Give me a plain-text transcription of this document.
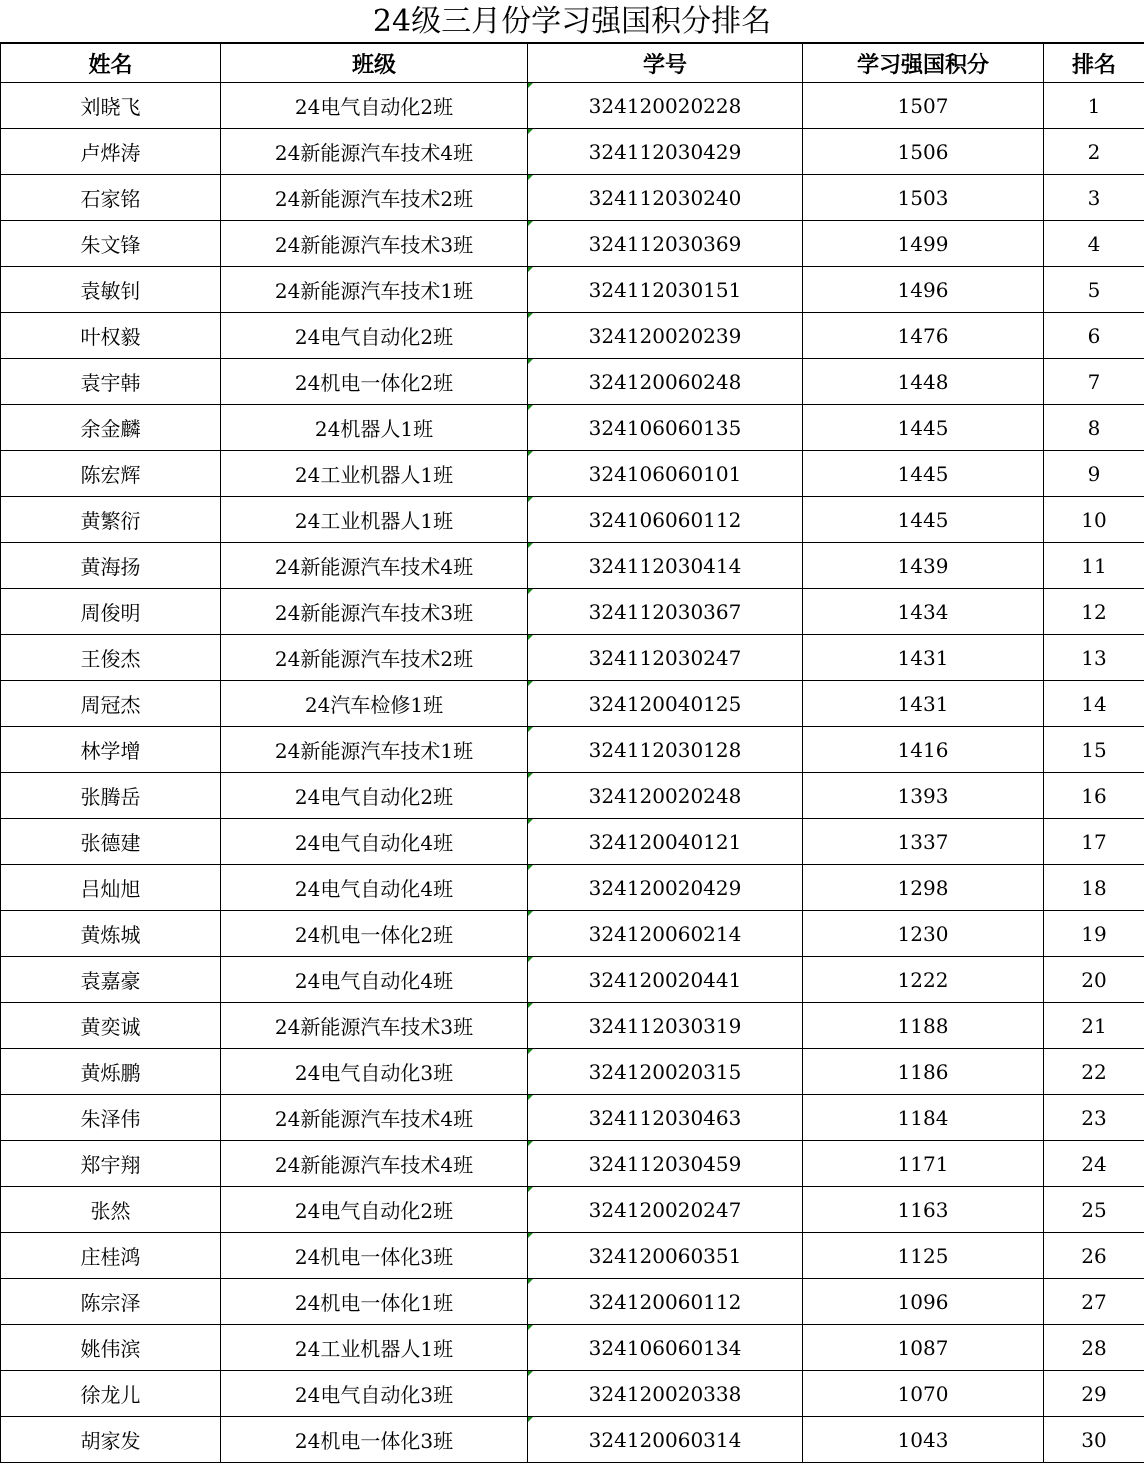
24级三月份学习强国积分排名
姓名	班级	学号	学习强国积分	排名
刘晓飞	24电气自动化2班	324120020228	1507	1
卢烨涛	24新能源汽车技术4班	324112030429	1506	2
石家铭	24新能源汽车技术2班	324112030240	1503	3
朱文锋	24新能源汽车技术3班	324112030369	1499	4
袁敏钊	24新能源汽车技术1班	324112030151	1496	5
叶权毅	24电气自动化2班	324120020239	1476	6
袁宇韩	24机电一体化2班	324120060248	1448	7
余金麟	24机器人1班	324106060135	1445	8
陈宏辉	24工业机器人1班	324106060101	1445	9
黄繁衍	24工业机器人1班	324106060112	1445	10
黄海扬	24新能源汽车技术4班	324112030414	1439	11
周俊明	24新能源汽车技术3班	324112030367	1434	12
王俊杰	24新能源汽车技术2班	324112030247	1431	13
周冠杰	24汽车检修1班	324120040125	1431	14
林学增	24新能源汽车技术1班	324112030128	1416	15
张腾岳	24电气自动化2班	324120020248	1393	16
张德建	24电气自动化4班	324120040121	1337	17
吕灿旭	24电气自动化4班	324120020429	1298	18
黄炼城	24机电一体化2班	324120060214	1230	19
袁嘉豪	24电气自动化4班	324120020441	1222	20
黄奕诚	24新能源汽车技术3班	324112030319	1188	21
黄烁鹏	24电气自动化3班	324120020315	1186	22
朱泽伟	24新能源汽车技术4班	324112030463	1184	23
郑宇翔	24新能源汽车技术4班	324112030459	1171	24
张然	24电气自动化2班	324120020247	1163	25
庄桂鸿	24机电一体化3班	324120060351	1125	26
陈宗泽	24机电一体化1班	324120060112	1096	27
姚伟滨	24工业机器人1班	324106060134	1087	28
徐龙儿	24电气自动化3班	324120020338	1070	29
胡家发	24机电一体化3班	324120060314	1043	30
